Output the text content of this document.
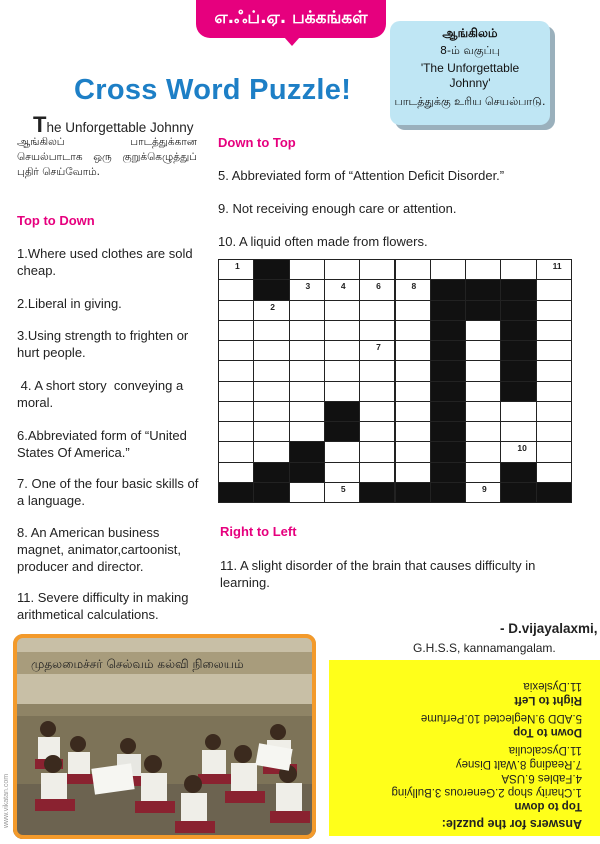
எ.ஃப்.ஏ. பக்கங்கள்
ஆங்கிலம்
8-ம் வகுப்பு
'The Unforgettable Johnny'
பாடத்துக்கு உரிய செயல்பாடு.
Cross Word Puzzle!
The Unforgettable Johnny
ஆங்கிலப் பாடத்துக்கான
செயல்பாடாக ஒரு குறுக்கெழுத்துப்
புதிர் செய்வோம்.
Top to Down
1.Where used clothes are sold cheap.
2.Liberal in giving.
3.Using strength to frighten or hurt people.
4. A short story  conveying a moral.
6.Abbreviated form of “United States Of America.”
7. One of the four basic skills of a language.
8. An American business magnet, animator,cartoonist, producer and director.
11. Severe difficulty in making arithmetical calculations.
Down to Top
5. Abbreviated form of “Attention Deficit Disorder.”
9. Not receiving enough care or attention.
10. A liquid often made from flowers.
1	11
2
3	4	6	8
7
10
5	9
Right to Left
11. A slight disorder of the brain that causes difficulty in learning.
- D.vijayalaxmi,
G.H.S.S, kannamangalam.
முதலமைச்சர் செல்வம் கல்வி நிலையம்
Answers for the puzzle:
Top to down
1.Charity shop 2.Generous 3.Bullying
4.Fables 6.USA
7.Reading 8.Walt Disney
11.Dyscalculia
Down to Top
5.ADD 9.Neglected 10.Perfume
Right to Left
11.Dyslexia
www.vikatan.com
